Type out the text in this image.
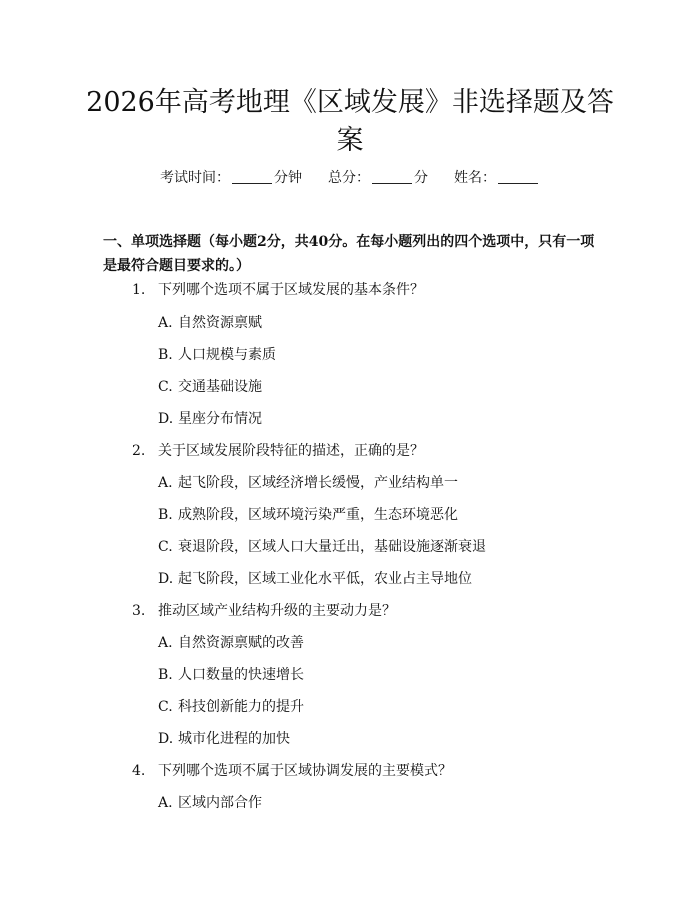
2026年高考地理《区域发展》非选择题及答案
考试时间：	分钟 总分：	分 姓名：

一、单项选择题（每小题2分，共40分。在每小题列出的四个选项中，只有一项是最符合题目要求的。）

1. 下列哪个选项不属于区域发展的基本条件？
A. 自然资源禀赋
B. 人口规模与素质
C. 交通基础设施
D. 星座分布情况
2. 关于区域发展阶段特征的描述，正确的是？
A. 起飞阶段，区域经济增长缓慢，产业结构单一
B. 成熟阶段，区域环境污染严重，生态环境恶化
C. 衰退阶段，区域人口大量迁出，基础设施逐渐衰退
D. 起飞阶段，区域工业化水平低，农业占主导地位
3. 推动区域产业结构升级的主要动力是？
A. 自然资源禀赋的改善
B. 人口数量的快速增长
C. 科技创新能力的提升
D. 城市化进程的加快
4. 下列哪个选项不属于区域协调发展的主要模式？
A. 区域内部合作
